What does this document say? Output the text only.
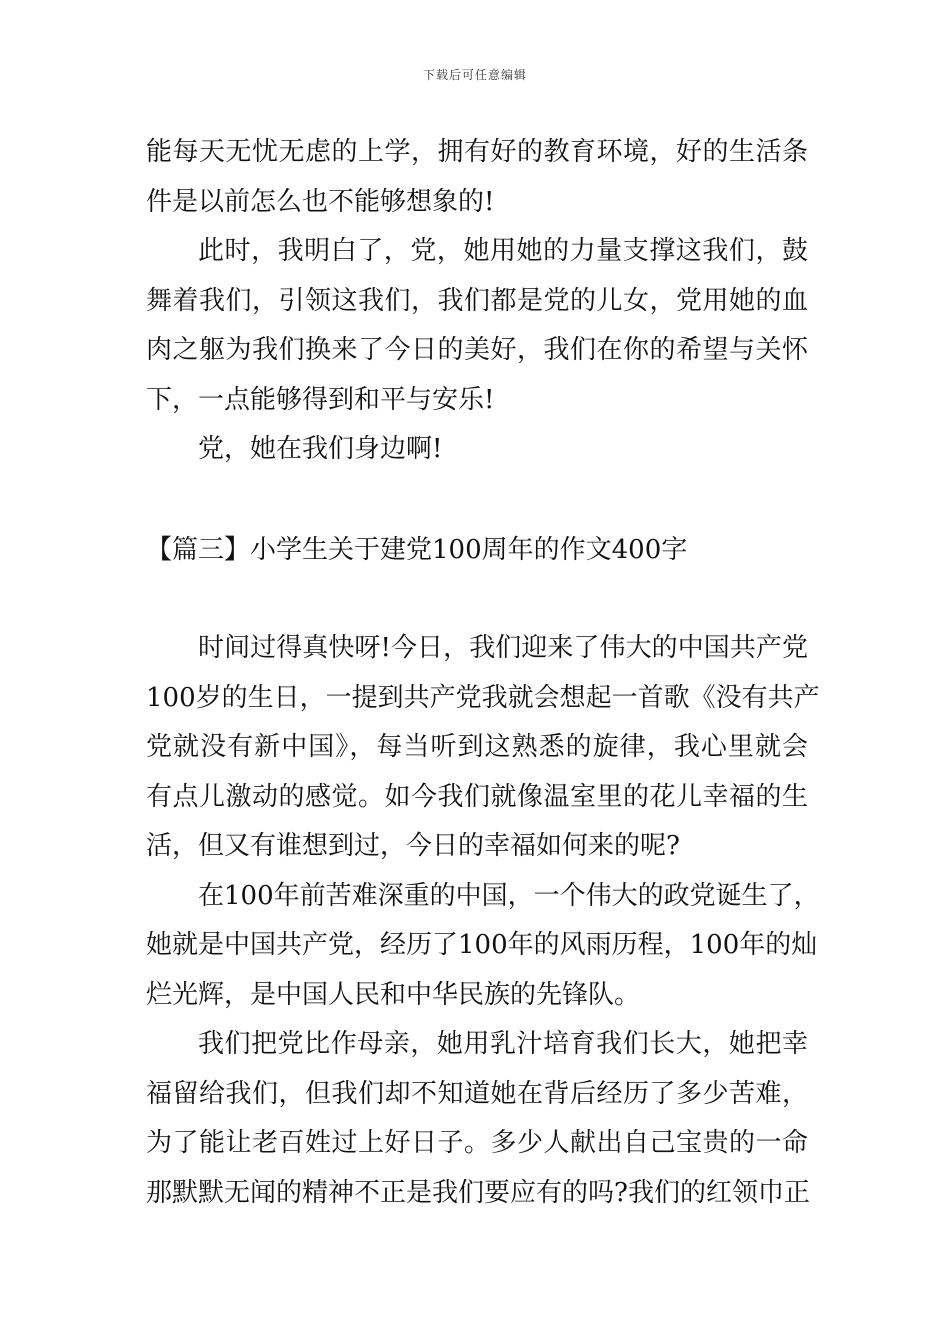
下载后可任意编辑
能每天无忧无虑的上学，拥有好的教育环境，好的生活条
件是以前怎么也不能够想象的!
此时，我明白了，党，她用她的力量支撑这我们，鼓
舞着我们，引领这我们，我们都是党的儿女，党用她的血
肉之躯为我们换来了今日的美好，我们在你的希望与关怀
下，一点能够得到和平与安乐!
党，她在我们身边啊!
【篇三】小学生关于建党100周年的作文400字
时间过得真快呀!今日，我们迎来了伟大的中国共产党
100岁的生日，一提到共产党我就会想起一首歌《没有共产
党就没有新中国》，每当听到这熟悉的旋律，我心里就会
有点儿激动的感觉。如今我们就像温室里的花儿幸福的生
活，但又有谁想到过，今日的幸福如何来的呢?
在100年前苦难深重的中国，一个伟大的政党诞生了，
她就是中国共产党，经历了100年的风雨历程，100年的灿
烂光辉，是中国人民和中华民族的先锋队。
我们把党比作母亲，她用乳汁培育我们长大，她把幸
福留给我们，但我们却不知道她在背后经历了多少苦难，
为了能让老百姓过上好日子。多少人献出自己宝贵的一命
那默默无闻的精神不正是我们要应有的吗?我们的红领巾正
